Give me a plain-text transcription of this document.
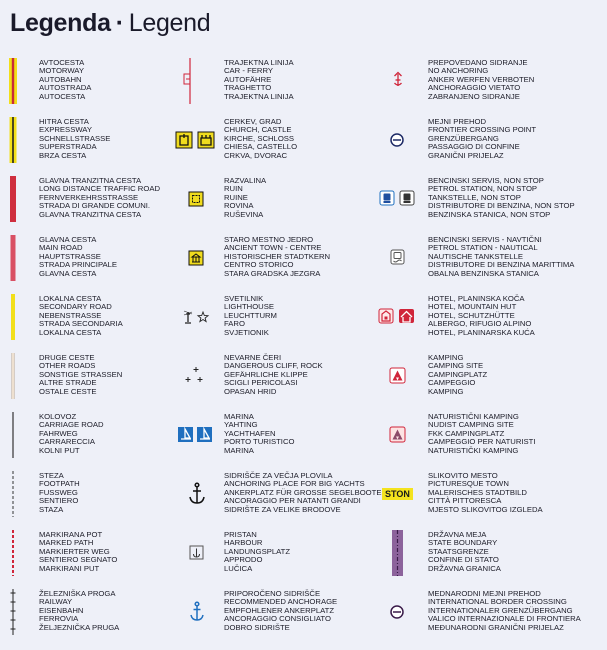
Legenda · Legend
AVTOCESTA
MOTORWAY
AUTOBAHN
AUTOSTRADA
AUTOCESTA
HITRA CESTA
EXPRESSWAY
SCHNELLSTRASSE
SUPERSTRADA
BRZA CESTA
GLAVNA TRANZITNA CESTA
LONG DISTANCE TRAFFIC ROAD
FERNVERKEHRSSTRASSE
STRADA DI GRANDE COMUNI.
GLAVNA TRANZITNA CESTA
GLAVNA CESTA
MAIN ROAD
HAUPTSTRASSE
STRADA PRINCIPALE
GLAVNA CESTA
LOKALNA CESTA
SECONDARY ROAD
NEBENSTRASSE
STRADA SECONDARIA
LOKALNA CESTA
DRUGE CESTE
OTHER ROADS
SONSTIGE STRASSEN
ALTRE STRADE
OSTALE CESTE
KOLOVOZ
CARRIAGE ROAD
FAHRWEG
CARRARECCIA
KOLNI PUT
STEZA
FOOTPATH
FUSSWEG
SENTIERO
STAZA
MARKIRANA POT
MARKED PATH
MARKIERTER WEG
SENTIERO SEGNATO
MARKIRANI PUT
ŽELEZNIŠKA PROGA
RAILWAY
EISENBAHN
FERROVIA
ŽELJEZNIČKA PRUGA
TRAJEKTNA LINIJA
CAR - FERRY
AUTOFÄHRE
TRAGHETTO
TRAJEKTNA LINIJA
CERKEV, GRAD
CHURCH, CASTLE
KIRCHE, SCHLOSS
CHIESA, CASTELLO
CRKVA, DVORAC
RAZVALINA
RUIN
RUINE
ROVINA
RUŠEVINA
STARO MESTNO JEDRO
ANCIENT TOWN - CENTRE
HISTORISCHER STADTKERN
CENTRO STORICO
STARA GRADSKA JEZGRA
SVETILNIK
LIGHTHOUSE
LEUCHTTURM
FARO
SVJETIONIK
NEVARNE ČERI
DANGEROUS CLIFF, ROCK
GEFÄHRLICHE KLIPPE
SCIGLI PERICOLASI
OPASAN HRID
MARINA
YAHTING
YACHTHAFEN
PORTO TURISTICO
MARINA
SIDRIŠČE ZA VEČJA PLOVILA
ANCHORING PLACE FOR BIG YACHTS
ANKERPLATZ FÜR GROSSE SEGELBOOTE
ANCORAGGIO PER NATANTI GRANDI
SIDRIŠTE ZA VELIKE BRODOVE
PRISTAN
HARBOUR
LANDUNGSPLATZ
APPRODO
LUČICA
PRIPOROČENO SIDRIŠČE
RECOMMENDED ANCHORAGE
EMPFOHLENER ANKERPLATZ
ANCORAGGIO CONSIGLIATO
DOBRO SIDRIŠTE
PREPOVEDANO SIDRANJE
NO ANCHORING
ANKER WERFEN VERBOTEN
ANCHORAGGIO VIETATO
ZABRANJENO SIDRANJE
MEJNI PREHOD
FRONTIER CROSSING POINT
GRENZÜBERGANG
PASSAGGIO DI CONFINE
GRANIČNI PRIJELAZ
BENCINSKI SERVIS, NON STOP
PETROL STATION, NON STOP
TANKSTELLE, NON STOP
DISTRIBUTORE DI BENZINA, NON STOP
BENZINSKA STANICA, NON STOP
BENCINSKI SERVIS - NAVTIČNI
PETROL STATION - NAUTICAL
NAUTISCHE TANKSTELLE
DISTRIBUTORE DI BENZINA MARITTIMA
OBALNA BENZINSKA STANICA
HOTEL, PLANINSKA KOČA
HOTEL, MOUNTAIN HUT
HOTEL, SCHUTZHÜTTE
ALBERGO, RIFUGIO ALPINO
HOTEL, PLANINARSKA KUĆA
KAMPING
CAMPING SITE
CAMPINGPLATZ
CAMPEGGIO
KAMPING
NATURISTIČNI KAMPING
NUDIST CAMPING SITE
FKK CAMPINGPLATZ
CAMPEGGIO PER NATURISTI
NATURISTIČKI KAMPING
STON
SLIKOVITO MESTO
PICTURESQUE TOWN
MALERISCHES STADTBILD
CITTÀ PITTORESCA
MJESTO SLIKOVITOG IZGLEDA
DRŽAVNA MEJA
STATE BOUNDARY
STAATSGRENZE
CONFINE DI STATO
DRŽAVNA GRANICA
MEDNARODNI MEJNI PREHOD
INTERNATIONAL BORDER CROSSING
INTERNATIONALER GRENZÜBERGANG
VALICO INTERNAZIONALE DI FRONTIERA
MEĐUNARODNI GRANIČNI PRIJELAZ
